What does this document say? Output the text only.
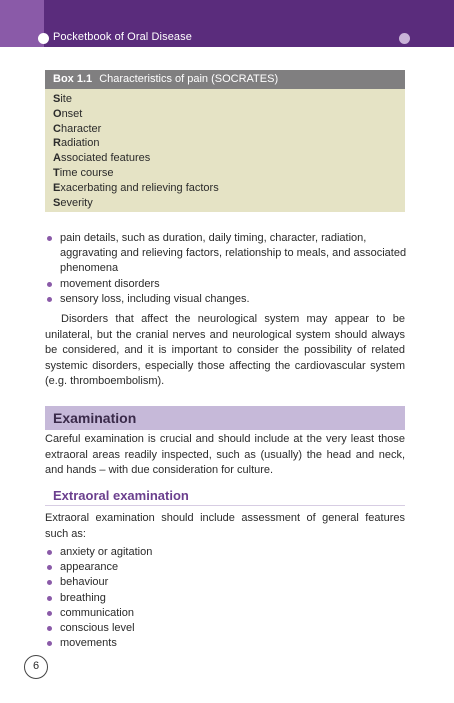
Pocketbook of Oral Disease
Box 1.1 Characteristics of pain (SOCRATES)
Site
Onset
Character
Radiation
Associated features
Time course
Exacerbating and relieving factors
Severity
pain details, such as duration, daily timing, character, radiation, aggravating and relieving factors, relationship to meals, and associated phenomena
movement disorders
sensory loss, including visual changes.

Disorders that affect the neurological system may appear to be unilateral, but the cranial nerves and neurological system should always be considered, and it is important to consider the possibility of related systemic disorders, especially those affecting the cardiovascular system (e.g. thromboembolism).

Examination

Careful examination is crucial and should include at the very least those extraoral areas readily inspected, such as (usually) the head and neck, and hands – with due consideration for culture.

Extraoral examination

Extraoral examination should include assessment of general features such as:

anxiety or agitation
appearance
behaviour
breathing
communication
conscious level
movements
6
